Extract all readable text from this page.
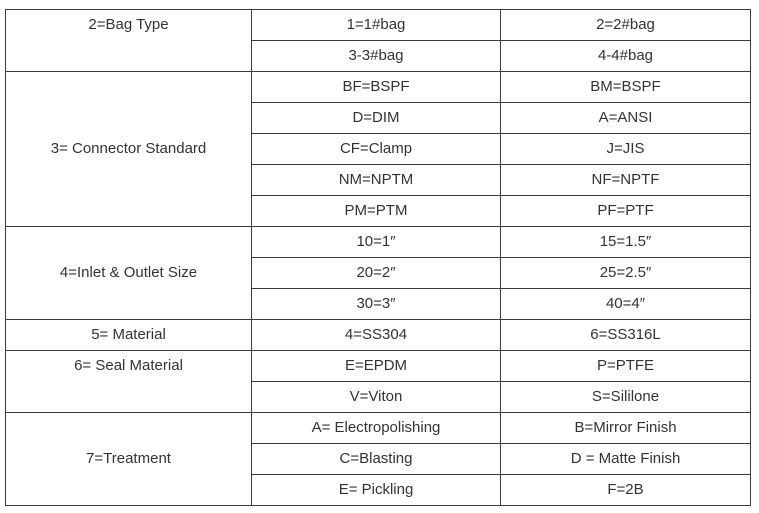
2=Bag Type	1=1#bag	2=2#bag
	3-3#bag	4-4#bag
3= Connector Standard	BF=BSPF	BM=BSPF
	D=DIM	A=ANSI
	CF=Clamp	J=JIS
	NM=NPTM	NF=NPTF
	PM=PTM	PF=PTF
4=Inlet & Outlet Size	10=1″	15=1.5″
	20=2″	25=2.5″
	30=3″	40=4″
5= Material	4=SS304	6=SS316L
6= Seal Material	E=EPDM	P=PTFE
	V=Viton	S=Sililone
7=Treatment	A= Electropolishing	B=Mirror Finish
	C=Blasting	D = Matte Finish
	E= Pickling	F=2B
